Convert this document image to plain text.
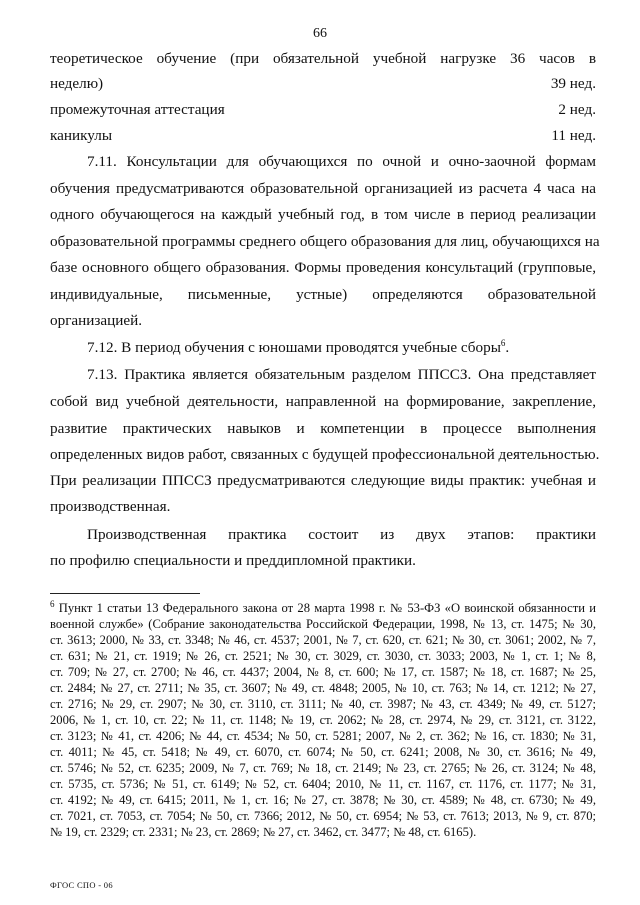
66
теоретическое обучение (при обязательной учебной нагрузке 36 часов в
неделю)	39 нед.
промежуточная аттестация	2 нед.
каникулы	11 нед.
7.11. Консультации для обучающихся по очной и очно-заочной формам
обучения предусматриваются образовательной организацией из расчета 4 часа на
одного обучающегося на каждый учебный год, в том числе в период реализации
образовательной программы среднего общего образования для лиц, обучающихся на
базе основного общего образования. Формы проведения консультаций (групповые,
индивидуальные, письменные, устные) определяются образовательной
организацией.
7.12. В период обучения с юношами проводятся учебные сборы$^6$.
7.13. Практика является обязательным разделом ППССЗ. Она представляет
собой вид учебной деятельности, направленной на формирование, закрепление,
развитие практических навыков и компетенции в процессе выполнения
определенных видов работ, связанных с будущей профессиональной деятельностью.
При реализации ППССЗ предусматриваются следующие виды практик: учебная и
производственная.
Производственная практика состоит из двух этапов: практики
по профилю специальности и преддипломной практики.
$^6$ Пункт 1 статьи 13 Федерального закона от 28 марта 1998 г. № 53-ФЗ «О воинской обязанности и
военной службе» (Собрание законодательства Российской Федерации, 1998, № 13, ст. 1475; № 30,
ст. 3613; 2000, № 33, ст. 3348; № 46, ст. 4537; 2001, № 7, ст. 620, ст. 621; № 30, ст. 3061; 2002, № 7,
ст. 631; № 21, ст. 1919; № 26, ст. 2521; № 30, ст. 3029, ст. 3030, ст. 3033; 2003, № 1, ст. 1; № 8,
ст. 709; № 27, ст. 2700; № 46, ст. 4437; 2004, № 8, ст. 600; № 17, ст. 1587; № 18, ст. 1687; № 25,
ст. 2484; № 27, ст. 2711; № 35, ст. 3607; № 49, ст. 4848; 2005, № 10, ст. 763; № 14, ст. 1212; № 27,
ст. 2716; № 29, ст. 2907; № 30, ст. 3110, ст. 3111; № 40, ст. 3987; № 43, ст. 4349; № 49, ст. 5127;
2006, № 1, ст. 10, ст. 22; № 11, ст. 1148; № 19, ст. 2062; № 28, ст. 2974, № 29, ст. 3121, ст. 3122,
ст. 3123; № 41, ст. 4206; № 44, ст. 4534; № 50, ст. 5281; 2007, № 2, ст. 362; № 16, ст. 1830; № 31,
ст. 4011; № 45, ст. 5418; № 49, ст. 6070, ст. 6074; № 50, ст. 6241; 2008, № 30, ст. 3616; № 49,
ст. 5746; № 52, ст. 6235; 2009, № 7, ст. 769; № 18, ст. 2149; № 23, ст. 2765; № 26, ст. 3124; № 48,
ст. 5735, ст. 5736; № 51, ст. 6149; № 52, ст. 6404; 2010, № 11, ст. 1167, ст. 1176, ст. 1177; № 31,
ст. 4192; № 49, ст. 6415; 2011, № 1, ст. 16; № 27, ст. 3878; № 30, ст. 4589; № 48, ст. 6730; № 49,
ст. 7021, ст. 7053, ст. 7054; № 50, ст. 7366; 2012, № 50, ст. 6954; № 53, ст. 7613; 2013, № 9, ст. 870;
№ 19, ст. 2329; ст. 2331; № 23, ст. 2869; № 27, ст. 3462, ст. 3477; № 48, ст. 6165).
ФГОС СПО - 06
